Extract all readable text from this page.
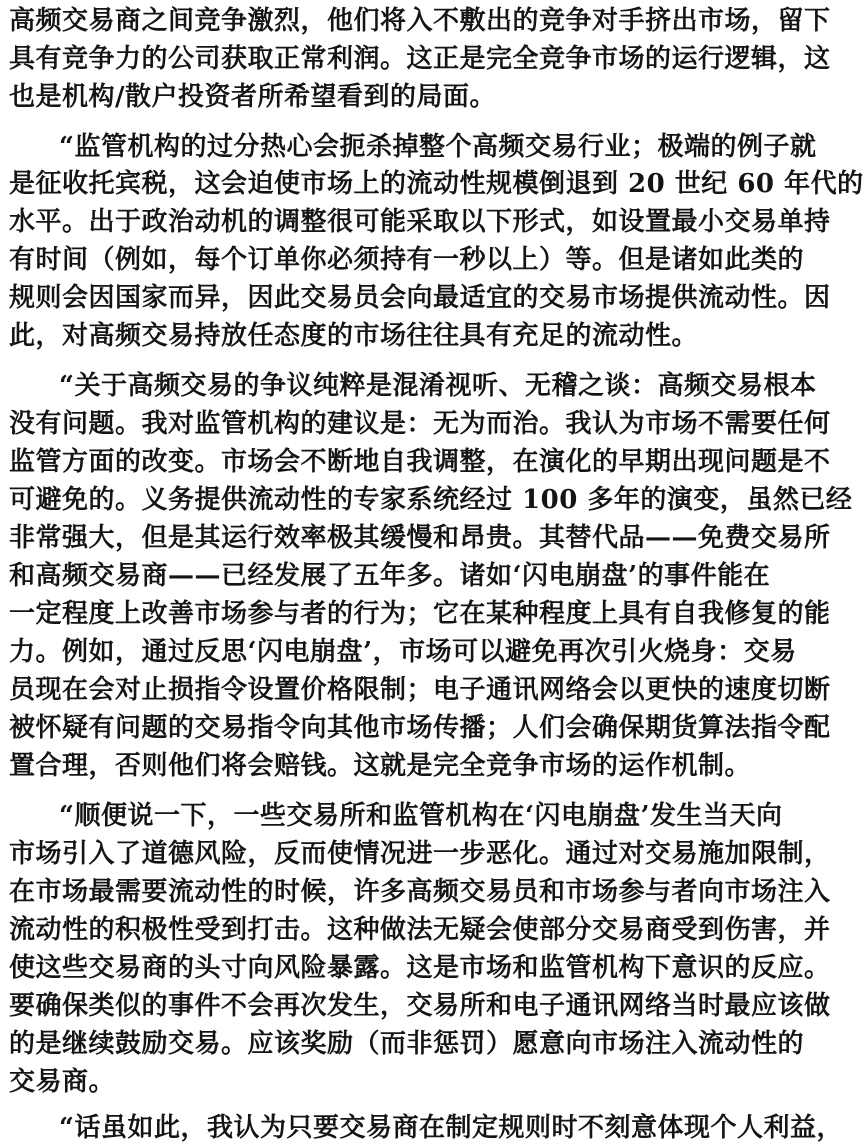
高频交易商之间竞争激烈，他们将入不敷出的竞争对手挤出市场，留下
具有竞争力的公司获取正常利润。这正是完全竞争市场的运行逻辑，这
也是机构/散户投资者所希望看到的局面。
“监管机构的过分热心会扼杀掉整个高频交易行业；极端的例子就
是征收托宾税，这会迫使市场上的流动性规模倒退到 20 世纪 60 年代的
水平。出于政治动机的调整很可能采取以下形式，如设置最小交易单持
有时间（例如，每个订单你必须持有一秒以上）等。但是诸如此类的
规则会因国家而异，因此交易员会向最适宜的交易市场提供流动性。因
此，对高频交易持放任态度的市场往往具有充足的流动性。
“关于高频交易的争议纯粹是混淆视听、无稽之谈：高频交易根本
没有问题。我对监管机构的建议是：无为而治。我认为市场不需要任何
监管方面的改变。市场会不断地自我调整，在演化的早期出现问题是不
可避免的。义务提供流动性的专家系统经过 100 多年的演变，虽然已经
非常强大，但是其运行效率极其缓慢和昂贵。其替代品——免费交易所
和高频交易商——已经发展了五年多。诸如‘闪电崩盘’的事件能在
一定程度上改善市场参与者的行为；它在某种程度上具有自我修复的能
力。例如，通过反思‘闪电崩盘’，市场可以避免再次引火烧身：交易
员现在会对止损指令设置价格限制；电子通讯网络会以更快的速度切断
被怀疑有问题的交易指令向其他市场传播；人们会确保期货算法指令配
置合理，否则他们将会赔钱。这就是完全竞争市场的运作机制。
“顺便说一下，一些交易所和监管机构在‘闪电崩盘’发生当天向
市场引入了道德风险，反而使情况进一步恶化。通过对交易施加限制，
在市场最需要流动性的时候，许多高频交易员和市场参与者向市场注入
流动性的积极性受到打击。这种做法无疑会使部分交易商受到伤害，并
使这些交易商的头寸向风险暴露。这是市场和监管机构下意识的反应。
要确保类似的事件不会再次发生，交易所和电子通讯网络当时最应该做
的是继续鼓励交易。应该奖励（而非惩罚）愿意向市场注入流动性的
交易商。
“话虽如此，我认为只要交易商在制定规则时不刻意体现个人利益，
